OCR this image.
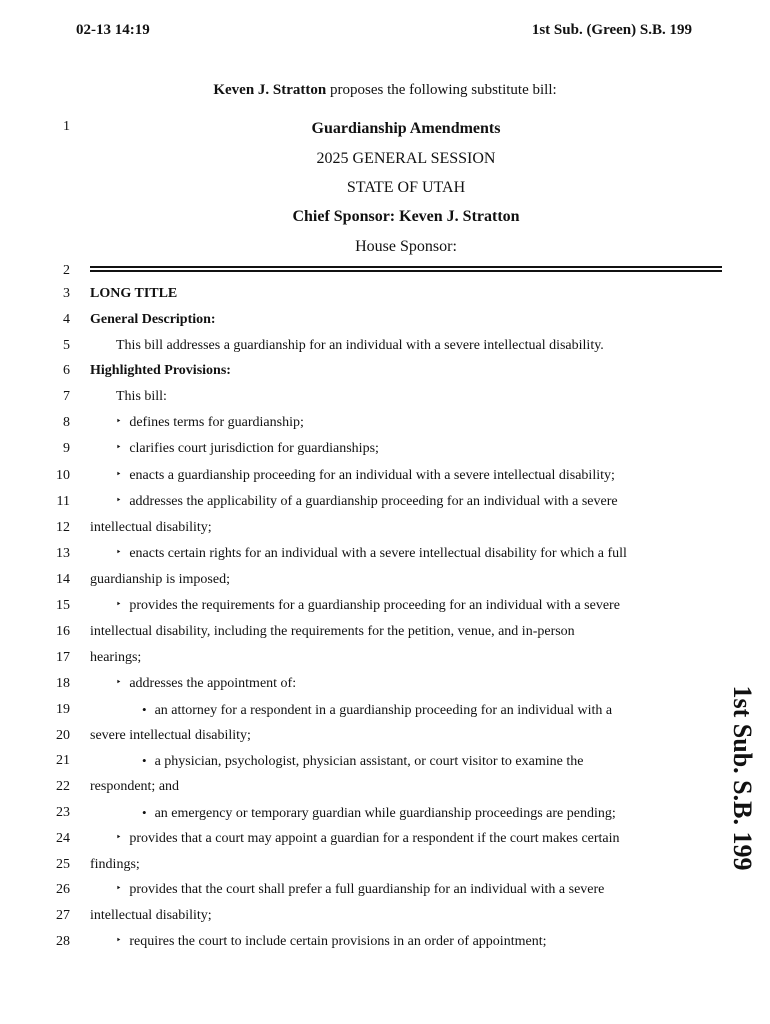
02-13 14:19	1st Sub. (Green) S.B. 199
Keven J. Stratton proposes the following substitute bill:
Guardianship Amendments
2025 GENERAL SESSION
STATE OF UTAH
Chief Sponsor: Keven J. Stratton
House Sponsor:
1
2
3
4
5
6
7
8
9
10
11
12
13
14
15
16
17
18
19
20
21
22
23
24
25
26
27
28
LONG TITLE
General Description:
This bill addresses a guardianship for an individual with a severe intellectual disability.
Highlighted Provisions:
This bill:
‣ defines terms for guardianship;
‣ clarifies court jurisdiction for guardianships;
‣ enacts a guardianship proceeding for an individual with a severe intellectual disability;
‣ addresses the applicability of a guardianship proceeding for an individual with a severe
intellectual disability;
‣ enacts certain rights for an individual with a severe intellectual disability for which a full
guardianship is imposed;
‣ provides the requirements for a guardianship proceeding for an individual with a severe
intellectual disability, including the requirements for the petition, venue, and in-person
hearings;
‣ addresses the appointment of:
• an attorney for a respondent in a guardianship proceeding for an individual with a
severe intellectual disability;
• a physician, psychologist, physician assistant, or court visitor to examine the
respondent; and
• an emergency or temporary guardian while guardianship proceedings are pending;
‣ provides that a court may appoint a guardian for a respondent if the court makes certain
findings;
‣ provides that the court shall prefer a full guardianship for an individual with a severe
intellectual disability;
‣ requires the court to include certain provisions in an order of appointment;
1st Sub. S.B. 199
